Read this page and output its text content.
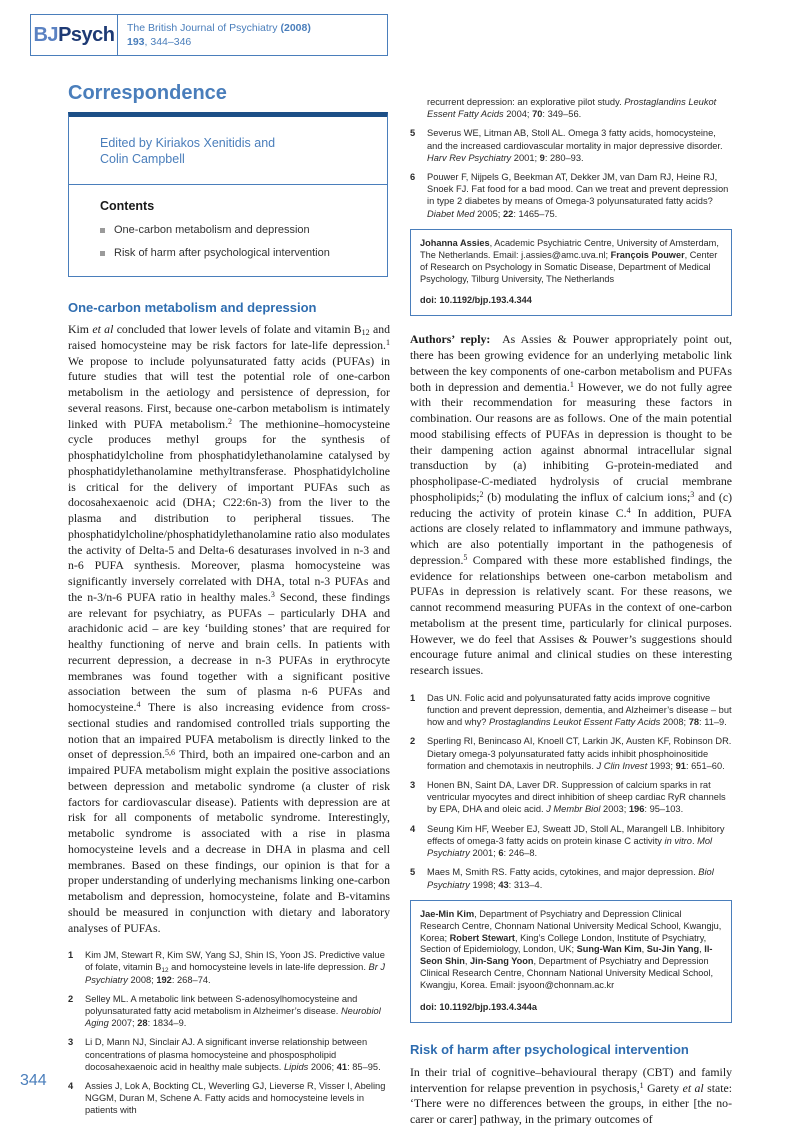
BJ Psych The British Journal of Psychiatry (2008)
193, 344–346
Correspondence
Edited by Kiriakos Xenitidis and
Colin Campbell
Contents
One-carbon metabolism and depression
Risk of harm after psychological intervention
One-carbon metabolism and depression
Kim et al concluded that lower levels of folate and vitamin $B_{12}$ and raised homocysteine may be risk factors for late-life depression.$^1$ We propose to include polyunsaturated fatty acids (PUFAs) in future studies that will test the potential role of one-carbon metabolism in the aetiology and persistence of depression, for several reasons. First, because one-carbon metabolism is intimately linked with PUFA metabolism.$^2$ The methionine–homocysteine cycle produces methyl groups for the synthesis of phosphatidylcholine from phosphatidylethanolamine catalysed by phosphatidylethanolamine methyltransferase. Phosphatidylcholine is critical for the delivery of important PUFAs such as docosahexaenoic acid (DHA; C22:6n-3) from the liver to the plasma and distribution to peripheral tissues. The phosphatidylcholine/phosphatidylethanolamine ratio also modulates the activity of Delta-5 and Delta-6 desaturases involved in n-3 and n-6 PUFA synthesis. Moreover, plasma homocysteine was significantly inversely correlated with DHA, total n-3 PUFAs and the n-3/n-6 PUFA ratio in healthy males.$^3$ Second, these findings are relevant for psychiatry, as PUFAs – particularly DHA and arachidonic acid – are key ‘building stones’ that are required for healthy functioning of nerve and brain cells. In patients with recurrent depression, a decrease in n-3 PUFAs in erythrocyte membranes was found together with a significant positive association between the sum of plasma n-6 PUFAs and homocysteine.$^4$ There is also increasing evidence from cross-sectional studies and randomised controlled trials supporting the notion that an impaired PUFA metabolism is directly linked to the onset of depression.$^{5,6}$ Third, both an impaired one-carbon and an impaired PUFA metabolism might explain the positive associations between depression and metabolic syndrome (a cluster of risk factors for cardiovascular disease). Patients with depression are at risk for all components of metabolic syndrome. Interestingly, metabolic syndrome is associated with a rise in plasma homocysteine levels and a decrease in DHA in plasma and cell membranes. Based on these findings, our opinion is that for a proper understanding of underlying mechanisms linking one-carbon metabolism and depression, homocysteine, folate and B-vitamins should be measured in conjunction with dietary and laboratory analyses of PUFAs.
1 Kim JM, Stewart R, Kim SW, Yang SJ, Shin IS, Yoon JS. Predictive value of folate, vitamin $B_{12}$ and homocysteine levels in late-life depression. Br J Psychiatry 2008; 192: 268–74.
2 Selley ML. A metabolic link between S-adenosylhomocysteine and polyunsaturated fatty acid metabolism in Alzheimer’s disease. Neurobiol Aging 2007; 28: 1834–9.
3 Li D, Mann NJ, Sinclair AJ. A significant inverse relationship between concentrations of plasma homocysteine and phospospholipid docosahexaenoic acid in healthy male subjects. Lipids 2006; 41: 85–95.
4 Assies J, Lok A, Bockting CL, Weverling GJ, Lieverse R, Visser I, Abeling NGGM, Duran M, Schene A. Fatty acids and homocysteine levels in patients with
recurrent depression: an explorative pilot study. Prostaglandins Leukot Essent Fatty Acids 2004; 70: 349–56.
5 Severus WE, Litman AB, Stoll AL. Omega 3 fatty acids, homocysteine, and the increased cardiovascular mortality in major depressive disorder. Harv Rev Psychiatry 2001; 9: 280–93.
6 Pouwer F, Nijpels G, Beekman AT, Dekker JM, van Dam RJ, Heine RJ, Snoek FJ. Fat food for a bad mood. Can we treat and prevent depression in type 2 diabetes by means of Omega-3 polyunsaturated fatty acids? Diabet Med 2005; 22: 1465–75.
Johanna Assies, Academic Psychiatric Centre, University of Amsterdam, The Netherlands. Email: j.assies@amc.uva.nl; François Pouwer, Center of Research on Psychology in Somatic Disease, Department of Medical Psychology, Tilburg University, The Netherlands
doi: 10.1192/bjp.193.4.344
Authors’ reply: As Assies & Pouwer appropriately point out, there has been growing evidence for an underlying metabolic link between the key components of one-carbon metabolism and PUFAs both in depression and dementia.$^1$ However, we do not fully agree with their recommendation for measuring these factors in combination. Our reasons are as follows. One of the main potential mood stabilising effects of PUFAs in depression is thought to be their dampening action against abnormal intracellular signal transduction by (a) inhibiting G-protein-mediated and phospholipase-C-mediated hydrolysis of crucial membrane phospholipids;$^2$ (b) modulating the influx of calcium ions;$^3$ and (c) reducing the activity of protein kinase C.$^4$ In addition, PUFA actions are closely related to inflammatory and immune pathways, which are also potentially important in the pathogenesis of depression.$^5$ Compared with these more established findings, the evidence for relationships between one-carbon metabolism and PUFAs in depression is relatively scant. For these reasons, we cannot recommend measuring PUFAs in the context of one-carbon metabolism at the present time, particularly for clinical purposes. However, we do feel that Assises & Pouwer’s suggestions should encourage future animal and clinical studies on these interesting research issues.
1 Das UN. Folic acid and polyunsaturated fatty acids improve cognitive function and prevent depression, dementia, and Alzheimer’s disease – but how and why? Prostaglandins Leukot Essent Fatty Acids 2008; 78: 11–9.
2 Sperling RI, Benincaso AI, Knoell CT, Larkin JK, Austen KF, Robinson DR. Dietary omega-3 polyunsaturated fatty acids inhibit phosphoinositide formation and chemotaxis in neutrophils. J Clin Invest 1993; 91: 651–60.
3 Honen BN, Saint DA, Laver DR. Suppression of calcium sparks in rat ventricular myocytes and direct inhibition of sheep cardiac RyR channels by EPA, DHA and oleic acid. J Membr Biol 2003; 196: 95–103.
4 Seung Kim HF, Weeber EJ, Sweatt JD, Stoll AL, Marangell LB. Inhibitory effects of omega-3 fatty acids on protein kinase C activity in vitro. Mol Psychiatry 2001; 6: 246–8.
5 Maes M, Smith RS. Fatty acids, cytokines, and major depression. Biol Psychiatry 1998; 43: 313–4.
Jae-Min Kim, Department of Psychiatry and Depression Clinical Research Centre, Chonnam National University Medical School, Kwangju, Korea; Robert Stewart, King’s College London, Institute of Psychiatry, Section of Epidemiology, London, UK; Sung-Wan Kim, Su-Jin Yang, Il-Seon Shin, Jin-Sang Yoon, Department of Psychiatry and Depression Clinical Research Centre, Chonnam National University Medical School, Kwangju, Korea. Email: jsyoon@chonnam.ac.kr
doi: 10.1192/bjp.193.4.344a
Risk of harm after psychological intervention
In their trial of cognitive–behavioural therapy (CBT) and family intervention for relapse prevention in psychosis,$^1$ Garety et al state: ‘There were no differences between the groups, in either [the no-carer or carer] pathway, in the primary outcomes of
344
